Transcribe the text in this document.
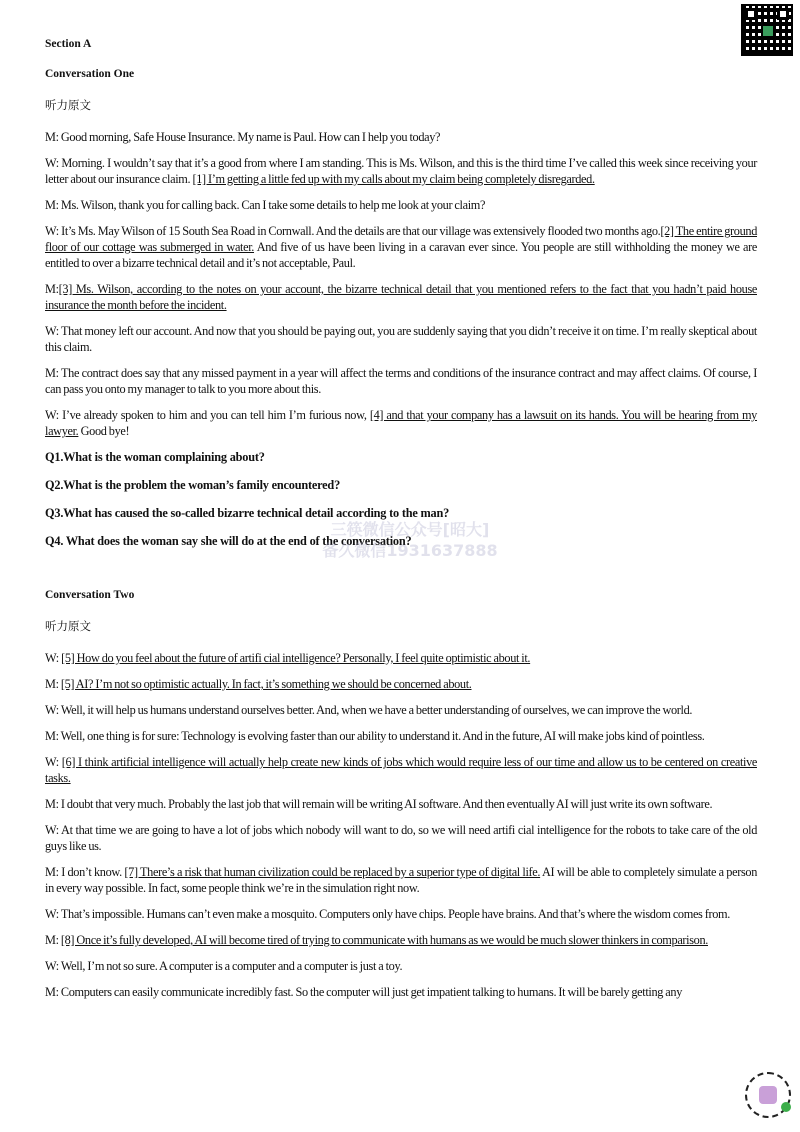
Section A
Conversation One
听力原文

M: Good morning, Safe House Insurance. My name is Paul. How can I help you today?

W: Morning. I wouldn’t say that it’s a good from where I am standing. This is Ms. Wilson, and this is the third time I’ve called this week since receiving your letter about our insurance claim. [1] I’m getting a little fed up with my calls about my claim being completely disregarded.

M: Ms. Wilson, thank you for calling back. Can I take some details to help me look at your claim?

W: It’s Ms. May Wilson of 15 South Sea Road in Cornwall. And the details are that our village was extensively flooded two months ago.[2] The entire ground floor of our cottage was submerged in water. And five of us have been living in a caravan ever since. You people are still withholding the money we are entitled to over a bizarre technical detail and it’s not acceptable, Paul.

M:[3] Ms. Wilson, according to the notes on your account, the bizarre technical detail that you mentioned refers to the fact that you hadn’t paid house insurance the month before the incident.

W: That money left our account. And now that you should be paying out, you are suddenly saying that you didn’t receive it on time. I’m really skeptical about this claim.

M: The contract does say that any missed payment in a year will affect the terms and conditions of the insurance contract and may affect claims. Of course, I can pass you onto my manager to talk to you more about this.

W: I’ve already spoken to him and you can tell him I’m furious now, [4] and that your company has a lawsuit on its hands. You will be hearing from my lawyer. Good bye!

Q1.What is the woman complaining about?

Q2.What is the problem the woman’s family encountered?

Q3.What has caused the so-called bizarre technical detail according to the man?

Q4. What does the woman say she will do at the end of the conversation?

Conversation Two
听力原文

W: [5] How do you feel about the future of artifi cial intelligence? Personally, I feel quite optimistic about it.

M: [5] AI? I’m not so optimistic actually. In fact, it’s something we should be concerned about.

W: Well, it will help us humans understand ourselves better. And, when we have a better understanding of ourselves, we can improve the world.

M: Well, one thing is for sure: Technology is evolving faster than our ability to understand it. And in the future, AI will make jobs kind of pointless.

W: [6] I think artificial intelligence will actually help create new kinds of jobs which would require less of our time and allow us to be centered on creative tasks.

M: I doubt that very much. Probably the last job that will remain will be writing AI software. And then eventually AI will just write its own software.

W: At that time we are going to have a lot of jobs which nobody will want to do, so we will need artifi cial intelligence for the robots to take care of the old guys like us.

M: I don’t know. [7] There’s a risk that human civilization could be replaced by a superior type of digital life. AI will be able to completely simulate a person in every way possible. In fact, some people think we’re in the simulation right now.

W: That’s impossible. Humans can’t even make a mosquito. Computers only have chips. People have brains. And that’s where the wisdom comes from.

M: [8] Once it’s fully developed, AI will become tired of trying to communicate with humans as we would be much slower thinkers in comparison.

W: Well, I’m not so sure. A computer is a computer and a computer is just a toy.

M: Computers can easily communicate incredibly fast. So the computer will just get impatient talking to humans. It will be barely getting any

三筷微信公众号[昭大]
备久微信1931637888
